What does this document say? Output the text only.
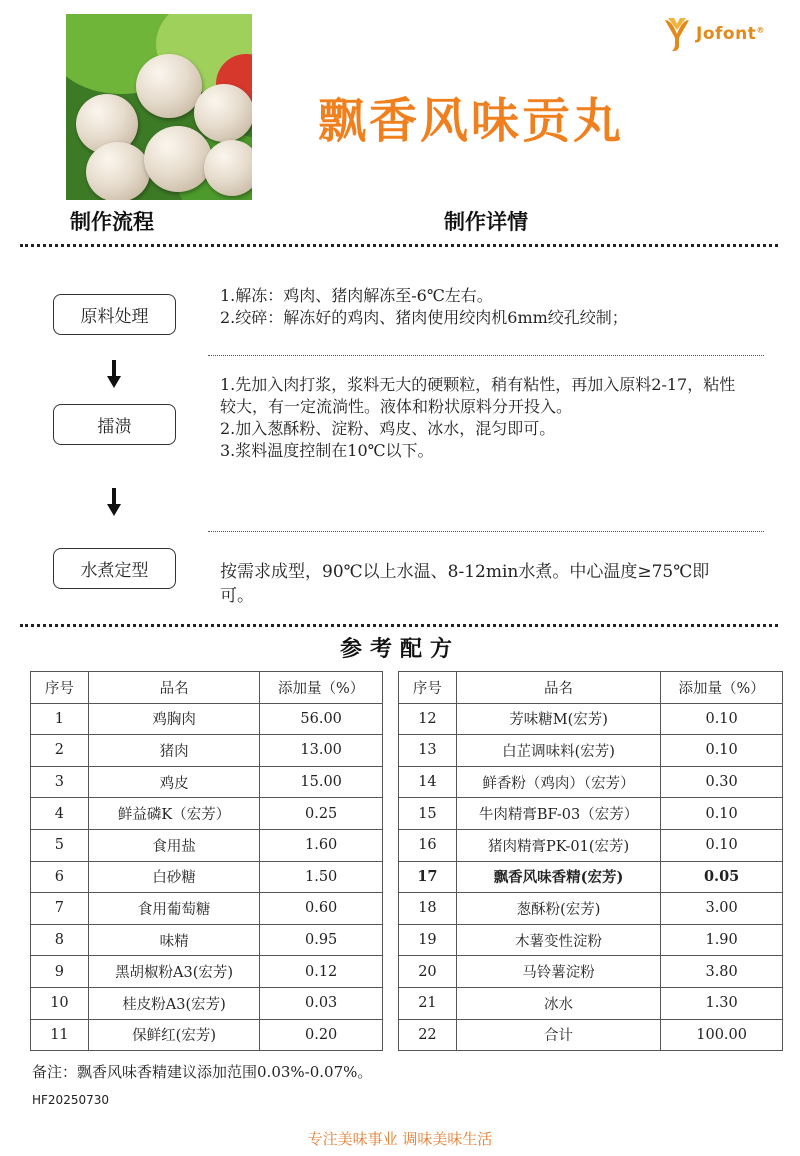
Jofont®
飘香风味贡丸
制作流程	制作详情
原料处理
1.解冻：鸡肉、猪肉解冻至-6℃左右。
2.绞碎：解冻好的鸡肉、猪肉使用绞肉机6mm绞孔绞制；
擂溃
1.先加入肉打浆，浆料无大的硬颗粒，稍有粘性，再加入原料2-17，粘性较大，有一定流淌性。液体和粉状原料分开投入。
2.加入葱酥粉、淀粉、鸡皮、冰水，混匀即可。
3.浆料温度控制在10℃以下。
水煮定型	按需求成型，90℃以上水温、8-12min水煮。中心温度≥75℃即可。
参考配方
序号	品名	添加量（%）
1	鸡胸肉	56.00
2	猪肉	13.00
3	鸡皮	15.00
4	鲜益磷K（宏芳）	0.25
5	食用盐	1.60
6	白砂糖	1.50
7	食用葡萄糖	0.60
8	味精	0.95
9	黑胡椒粉A3(宏芳)	0.12
10	桂皮粉A3(宏芳)	0.03
11	保鲜红(宏芳)	0.20
序号	品名	添加量（%）
12	芳味糖M(宏芳)	0.10
13	白芷调味料(宏芳)	0.10
14	鲜香粉（鸡肉）（宏芳）	0.30
15	牛肉精膏BF-03（宏芳）	0.10
16	猪肉精膏PK-01(宏芳)	0.10
17	飘香风味香精(宏芳)	0.05
18	葱酥粉(宏芳)	3.00
19	木薯变性淀粉	1.90
20	马铃薯淀粉	3.80
21	冰水	1.30
22	合计	100.00
备注：飘香风味香精建议添加范围0.03%-0.07%。
HF20250730
专注美味事业 调味美味生活
